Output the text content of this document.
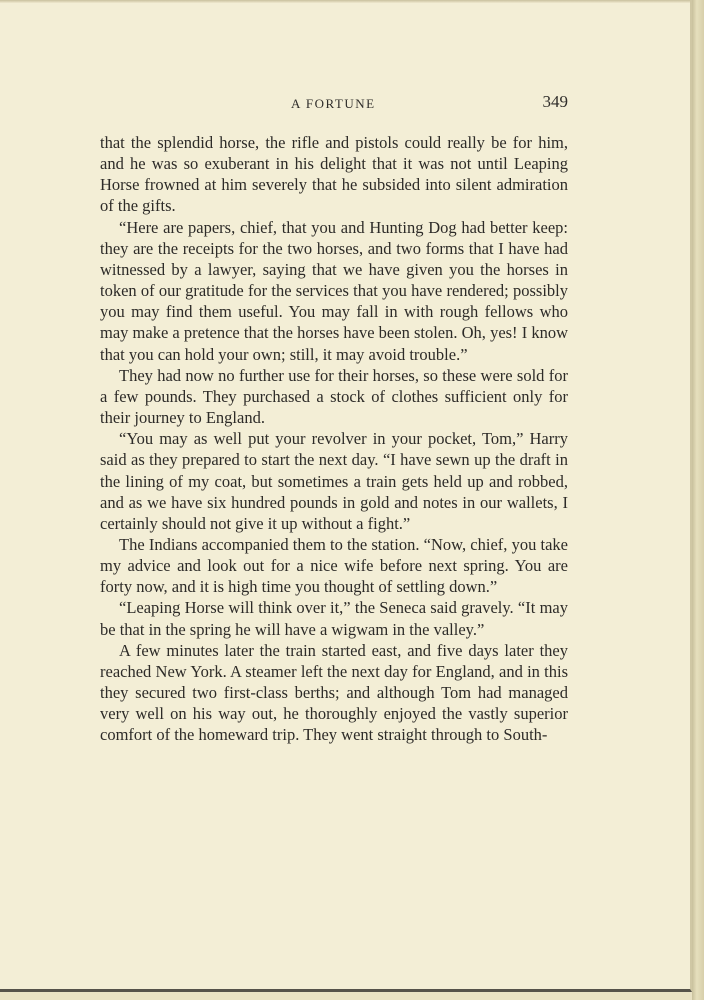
A FORTUNE	349

that the splendid horse, the rifle and pistols could really be for him, and he was so exuberant in his delight that it was not until Leaping Horse frowned at him severely that he subsided into silent admiration of the gifts.

“Here are papers, chief, that you and Hunting Dog had better keep: they are the receipts for the two horses, and two forms that I have had witnessed by a lawyer, saying that we have given you the horses in token of our gratitude for the services that you have rendered; possibly you may find them useful. You may fall in with rough fellows who may make a pretence that the horses have been stolen. Oh, yes! I know that you can hold your own; still, it may avoid trouble.”

They had now no further use for their horses, so these were sold for a few pounds. They purchased a stock of clothes sufficient only for their journey to England.

“You may as well put your revolver in your pocket, Tom,” Harry said as they prepared to start the next day. “I have sewn up the draft in the lining of my coat, but sometimes a train gets held up and robbed, and as we have six hundred pounds in gold and notes in our wallets, I certainly should not give it up without a fight.”

The Indians accompanied them to the station. “Now, chief, you take my advice and look out for a nice wife before next spring. You are forty now, and it is high time you thought of settling down.”

“Leaping Horse will think over it,” the Seneca said gravely. “It may be that in the spring he will have a wigwam in the valley.”

A few minutes later the train started east, and five days later they reached New York. A steamer left the next day for England, and in this they secured two first-class berths; and although Tom had managed very well on his way out, he thoroughly enjoyed the vastly superior comfort of the homeward trip. They went straight through to South-
